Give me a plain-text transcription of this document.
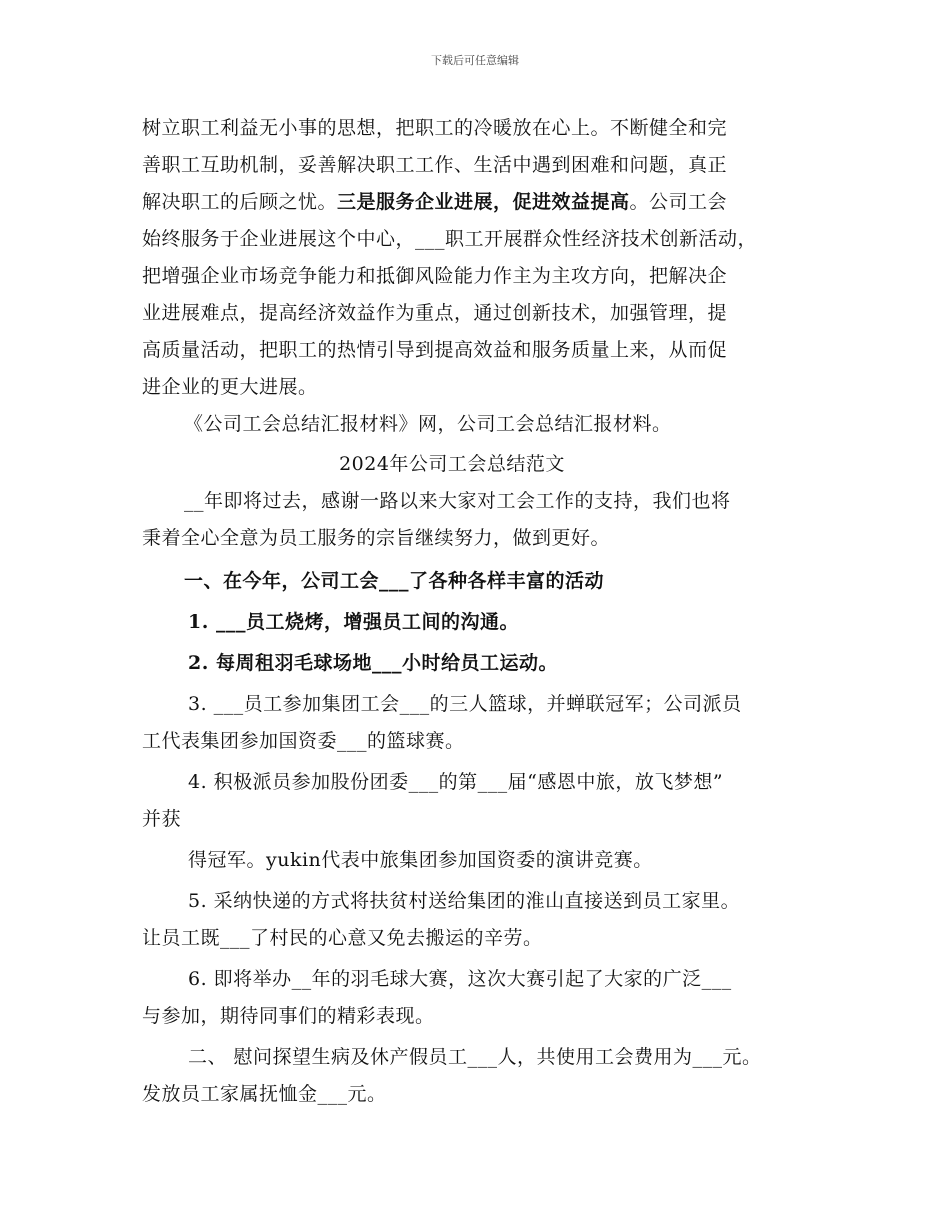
下载后可任意编辑

树立职工利益无小事的思想，把职工的冷暖放在心上。不断健全和完

善职工互助机制，妥善解决职工工作、生活中遇到困难和问题，真正

解决职工的后顾之忧。三是服务企业进展，促进效益提高。公司工会

始终服务于企业进展这个中心，___职工开展群众性经济技术创新活动，

把增强企业市场竞争能力和抵御风险能力作主为主攻方向，把解决企

业进展难点，提高经济效益作为重点，通过创新技术，加强管理，提

高质量活动，把职工的热情引导到提高效益和服务质量上来，从而促

进企业的更大进展。

《公司工会总结汇报材料》网，公司工会总结汇报材料。

2024年公司工会总结范文

__年即将过去，感谢一路以来大家对工会工作的支持，我们也将

秉着全心全意为员工服务的宗旨继续努力，做到更好。

一、在今年，公司工会___了各种各样丰富的活动

1. ___员工烧烤，增强员工间的沟通。

2. 每周租羽毛球场地___小时给员工运动。

3. ___员工参加集团工会___的三人篮球，并蝉联冠军；公司派员

工代表集团参加国资委___的篮球赛。

4. 积极派员参加股份团委___的第___届“感恩中旅，放飞梦想”

并获

得冠军。yukin代表中旅集团参加国资委的演讲竞赛。

5. 采纳快递的方式将扶贫村送给集团的淮山直接送到员工家里。

让员工既___了村民的心意又免去搬运的辛劳。

6. 即将举办__年的羽毛球大赛，这次大赛引起了大家的广泛___

与参加，期待同事们的精彩表现。

二、 慰问探望生病及休产假员工___人，共使用工会费用为___元。

发放员工家属抚恤金___元。
